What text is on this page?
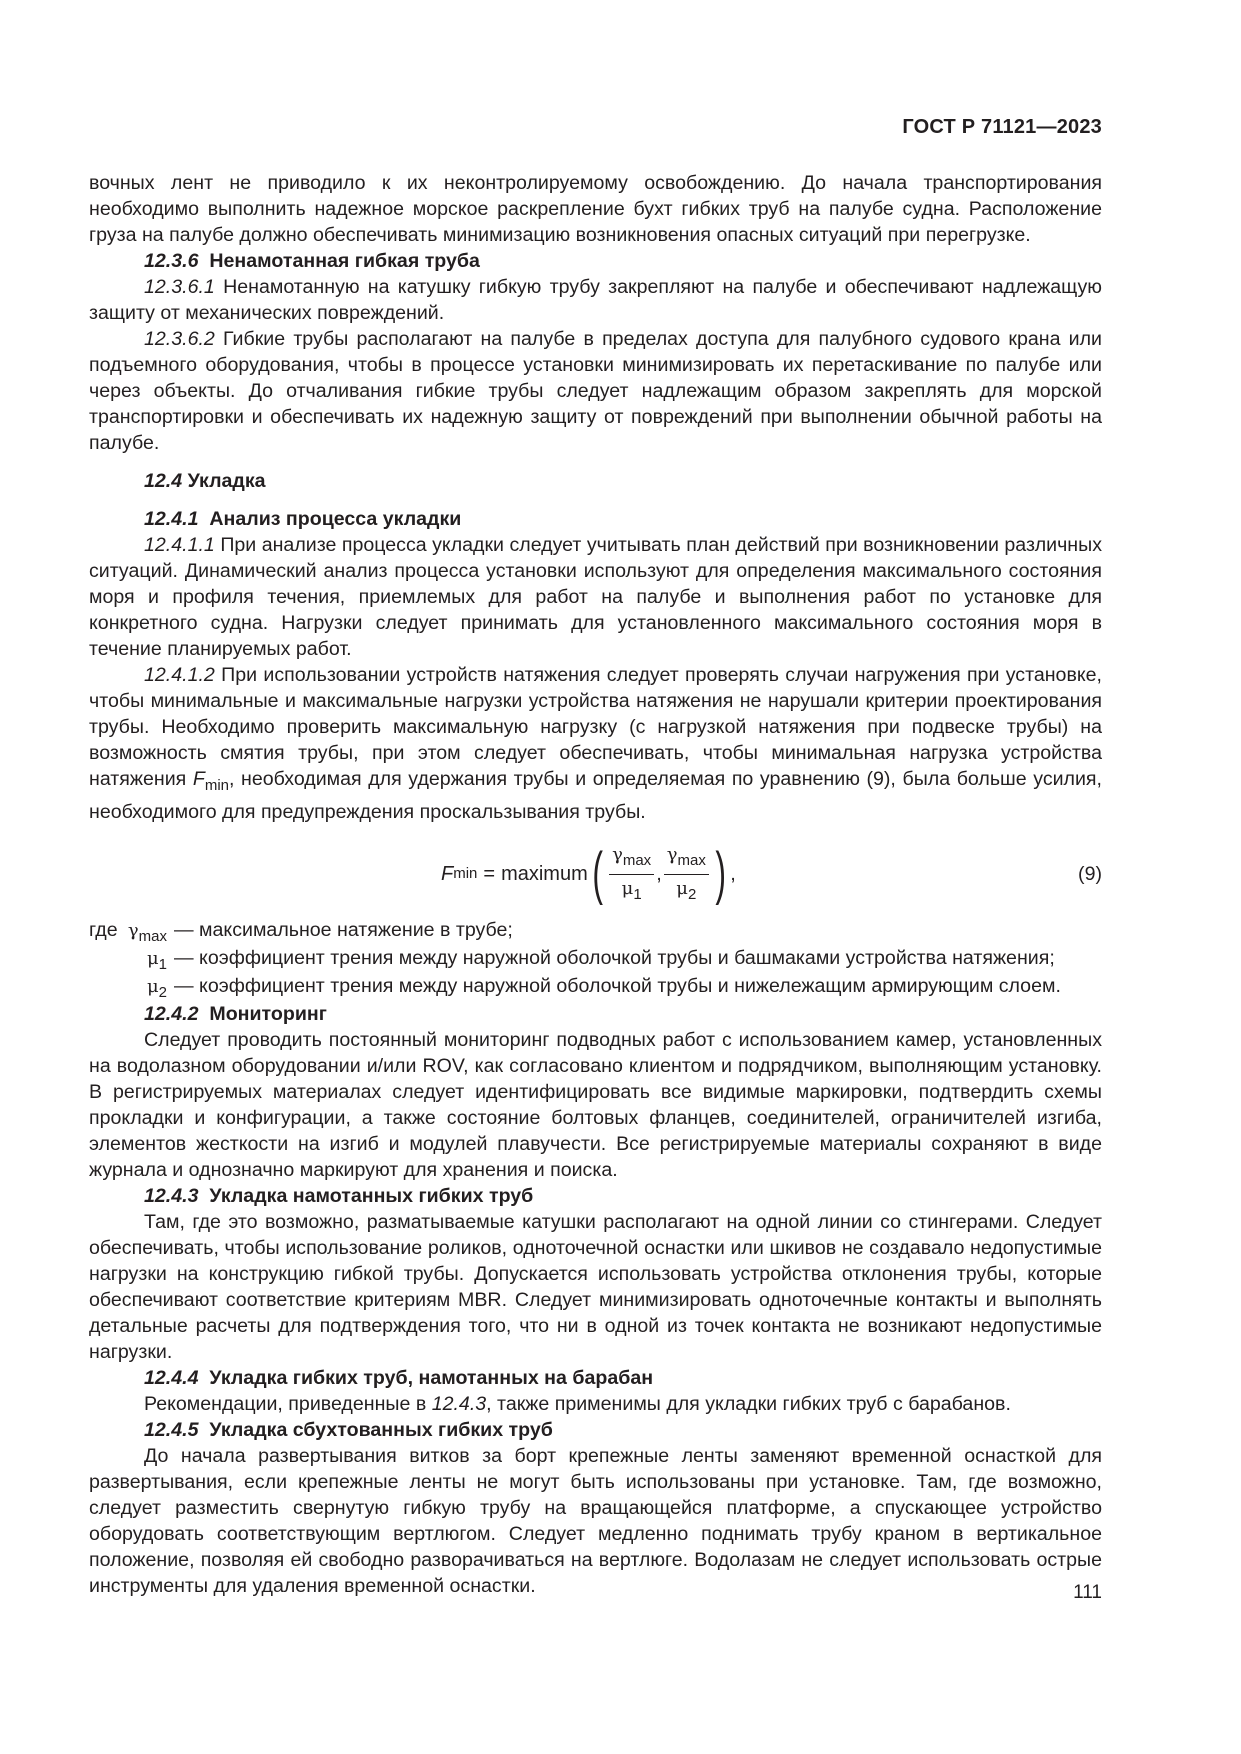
ГОСТ Р 71121—2023

вочных лент не приводило к их неконтролируемому освобождению. До начала транспортирования необходимо выполнить надежное морское раскрепление бухт гибких труб на палубе судна. Расположение груза на палубе должно обеспечивать минимизацию возникновения опасных ситуаций при перегрузке.

12.3.6 Ненамотанная гибкая труба

12.3.6.1 Ненамотанную на катушку гибкую трубу закрепляют на палубе и обеспечивают надлежащую защиту от механических повреждений.

12.3.6.2 Гибкие трубы располагают на палубе в пределах доступа для палубного судового крана или подъемного оборудования, чтобы в процессе установки минимизировать их перетаскивание по палубе или через объекты. До отчаливания гибкие трубы следует надлежащим образом закреплять для морской транспортировки и обеспечивать их надежную защиту от повреждений при выполнении обычной работы на палубе.

12.4 Укладка

12.4.1 Анализ процесса укладки

12.4.1.1 При анализе процесса укладки следует учитывать план действий при возникновении различных ситуаций. Динамический анализ процесса установки используют для определения максимального состояния моря и профиля течения, приемлемых для работ на палубе и выполнения работ по установке для конкретного судна. Нагрузки следует принимать для установленного максимального состояния моря в течение планируемых работ.

12.4.1.2 При использовании устройств натяжения следует проверять случаи нагружения при установке, чтобы минимальные и максимальные нагрузки устройства натяжения не нарушали критерии проектирования трубы. Необходимо проверить максимальную нагрузку (с нагрузкой натяжения при подвеске трубы) на возможность смятия трубы, при этом следует обеспечивать, чтобы минимальная нагрузка устройства натяжения $F_{min}$, необходимая для удержания трубы и определяемая по уравнению (9), была больше усилия, необходимого для предупреждения проскальзывания трубы.

F min = maximum ( $\frac{\gamma_{max}}{\mu_1}$ , $\frac{\gamma_{max}}{\mu_2}$ ) ,	(9)
где $\gamma_{max}$ — максимальное натяжение в трубе;
$\mu_1$ — коэффициент трения между наружной оболочкой трубы и башмаками устройства натяжения;
$\mu_2$ — коэффициент трения между наружной оболочкой трубы и нижележащим армирующим слоем.

12.4.2 Мониторинг

Следует проводить постоянный мониторинг подводных работ с использованием камер, установленных на водолазном оборудовании и/или ROV, как согласовано клиентом и подрядчиком, выполняющим установку. В регистрируемых материалах следует идентифицировать все видимые маркировки, подтвердить схемы прокладки и конфигурации, а также состояние болтовых фланцев, соединителей, ограничителей изгиба, элементов жесткости на изгиб и модулей плавучести. Все регистрируемые материалы сохраняют в виде журнала и однозначно маркируют для хранения и поиска.

12.4.3 Укладка намотанных гибких труб

Там, где это возможно, разматываемые катушки располагают на одной линии со стингерами. Следует обеспечивать, чтобы использование роликов, одноточечной оснастки или шкивов не создавало недопустимые нагрузки на конструкцию гибкой трубы. Допускается использовать устройства отклонения трубы, которые обеспечивают соответствие критериям MBR. Следует минимизировать одноточечные контакты и выполнять детальные расчеты для подтверждения того, что ни в одной из точек контакта не возникают недопустимые нагрузки.

12.4.4 Укладка гибких труб, намотанных на барабан

Рекомендации, приведенные в 12.4.3, также применимы для укладки гибких труб с барабанов.

12.4.5 Укладка сбухтованных гибких труб

До начала развертывания витков за борт крепежные ленты заменяют временной оснасткой для развертывания, если крепежные ленты не могут быть использованы при установке. Там, где возможно, следует разместить свернутую гибкую трубу на вращающейся платформе, а спускающее устройство оборудовать соответствующим вертлюгом. Следует медленно поднимать трубу краном в вертикальное положение, позволяя ей свободно разворачиваться на вертлюге. Водолазам не следует использовать острые инструменты для удаления временной оснастки.	111
